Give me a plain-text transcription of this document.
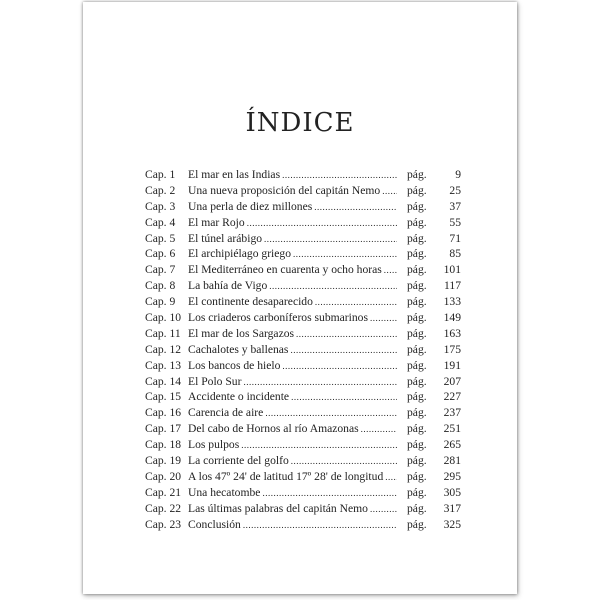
ÍNDICE
Cap. 1	El mar en las Indias .....	pág.	9
Cap. 2	Una nueva proposición del capitán Nemo .....	pág.	25
Cap. 3	Una perla de diez millones .....	pág.	37
Cap. 4	El mar Rojo .....	pág.	55
Cap. 5	El túnel arábigo .....	pág.	71
Cap. 6	El archipiélago griego .....	pág.	85
Cap. 7	El Mediterráneo en cuarenta y ocho horas .....	pág.	101
Cap. 8	La bahía de Vigo .....	pág.	117
Cap. 9	El continente desaparecido .....	pág.	133
Cap. 10 Los criaderos carboníferos submarinos .....	pág.	149
Cap. 11 El mar de los Sargazos .....	pág.	163
Cap. 12 Cachalotes y ballenas .....	pág.	175
Cap. 13 Los bancos de hielo .....	pág.	191
Cap. 14 El Polo Sur .....	pág.	207
Cap. 15 Accidente o incidente .....	pág.	227
Cap. 16 Carencia de aire .....	pág.	237
Cap. 17 Del cabo de Hornos al río Amazonas .....	pág.	251
Cap. 18 Los pulpos .....	pág.	265
Cap. 19 La corriente del golfo .....	pág.	281
Cap. 20 A los 47º 24' de latitud 17º 28' de longitud .....	pág.	295
Cap. 21 Una hecatombe .....	pág.	305
Cap. 22 Las últimas palabras del capitán Nemo .....	pág.	317
Cap. 23 Conclusión .....	pág.	325
